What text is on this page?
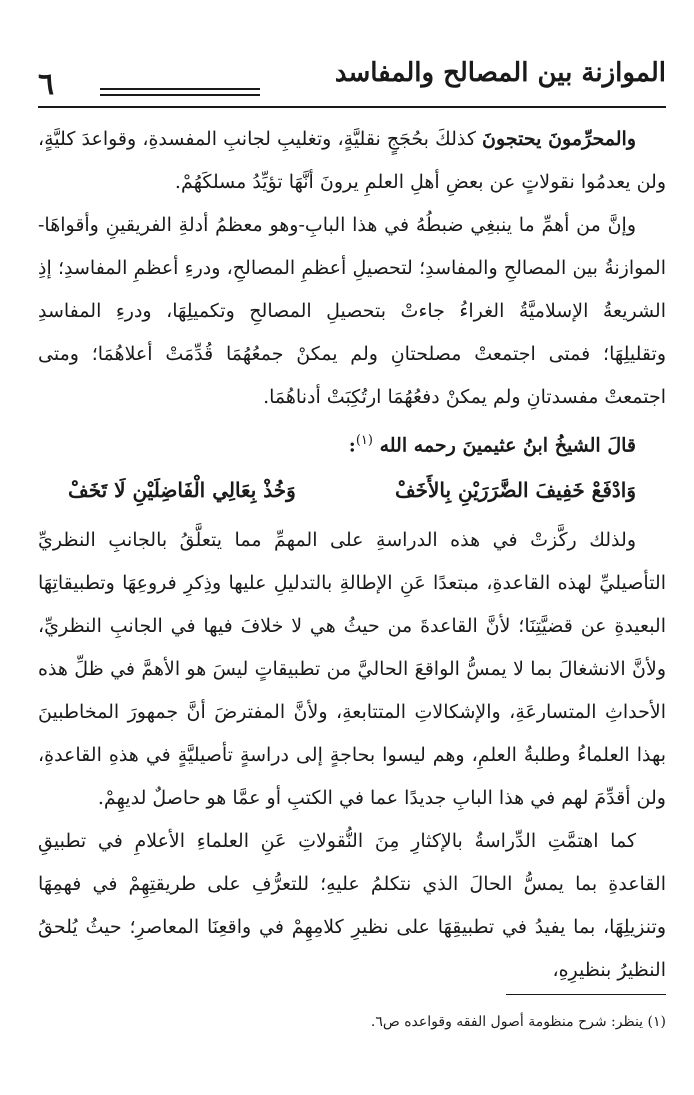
٦	الموازنة بين المصالح والمفاسد

والمحرِّمونَ يحتجونَ كذلكَ بحُجَجٍ نقليَّةٍ، وتغليبِ لجانبِ المفسدةِ، وقواعدَ كليَّةٍ، ولن يعدمُوا نقولاتٍ عن بعضِ أهلِ العلمِ يرونَ أنَّهَا تؤيِّدُ مسلكَهُمْ.

وإنَّ من أهمِّ ما ينبغِي ضبطُهُ في هذا البابِ-وهو معظمُ أدلةِ الفريقينِ وأقواهَا- الموازنةُ بين المصالحِ والمفاسدِ؛ لتحصيلِ أعظمِ المصالحِ، ودرءِ أعظمِ المفاسدِ؛ إذِ الشريعةُ الإسلاميَّةُ الغراءُ جاءتْ بتحصيلِ المصالحِ وتكميلِهَا، ودرءِ المفاسدِ وتقليلِهَا؛ فمتى اجتمعتْ مصلحتانِ ولم يمكنْ جمعُهُمَا قُدِّمَتْ أعلاهُمَا؛ ومتى اجتمعتْ مفسدتانِ ولم يمكنْ دفعُهُمَا ارتُكِبَتْ أدناهُمَا.

قالَ الشيخُ ابنُ عثيمينَ رحمه الله $^{(١)}$:

وَادْفَعْ خَفِيفَ الضَّرَرَيْنِ بِالأَخَفْ
وَخُذْ بِعَالِي الْفَاضِلَيْنِ لَا تَخَفْ

ولذلك ركَّزتْ في هذه الدراسةِ على المهمِّ مما يتعلَّقُ بالجانبِ النظريِّ التأصيليِّ لهذه القاعدةِ، مبتعدًا عَنِ الإطالةِ بالتدليلِ عليها وذِكرِ فروعِهَا وتطبيقاتِهَا البعيدةِ عن قضيَّتِنَا؛ لأنَّ القاعدةَ من حيثُ هي لا خلافَ فيها في الجانبِ النظريِّ، ولأنَّ الانشغالَ بما لا يمسُّ الواقعَ الحاليَّ من تطبيقاتٍ ليسَ هو الأهمَّ في ظلِّ هذه الأحداثِ المتسارعَةِ، والإشكالاتِ المتتابعةِ، ولأنَّ المفترضَ أنَّ جمهورَ المخاطبينَ بهذا العلماءُ وطلبةُ العلمِ، وهم ليسوا بحاجةٍ إلى دراسةٍ تأصيليَّةٍ في هذهِ القاعدةِ، ولن أقدِّمَ لهم في هذا البابِ جديدًا عما في الكتبِ أو عمَّا هو حاصلٌ لديهِمْ.

كما اهتمَّتِ الدِّراسةُ بالإكثارِ مِنَ النُّقولاتِ عَنِ العلماءِ الأعلامِ في تطبيقِ القاعدةِ بما يمسُّ الحالَ الذي نتكلمُ عليهِ؛ للتعرُّفِ على طريقتِهِمْ في فهمِهَا وتنزيلِهَا، بما يفيدُ في تطبيقِهَا على نظيرِ كلامِهِمْ في واقعِنَا المعاصرِ؛ حيثُ يُلحقُ النظيرُ بنظيرِهِ،

(١) ينظر: شرح منظومة أصول الفقه وقواعده ص٦.
